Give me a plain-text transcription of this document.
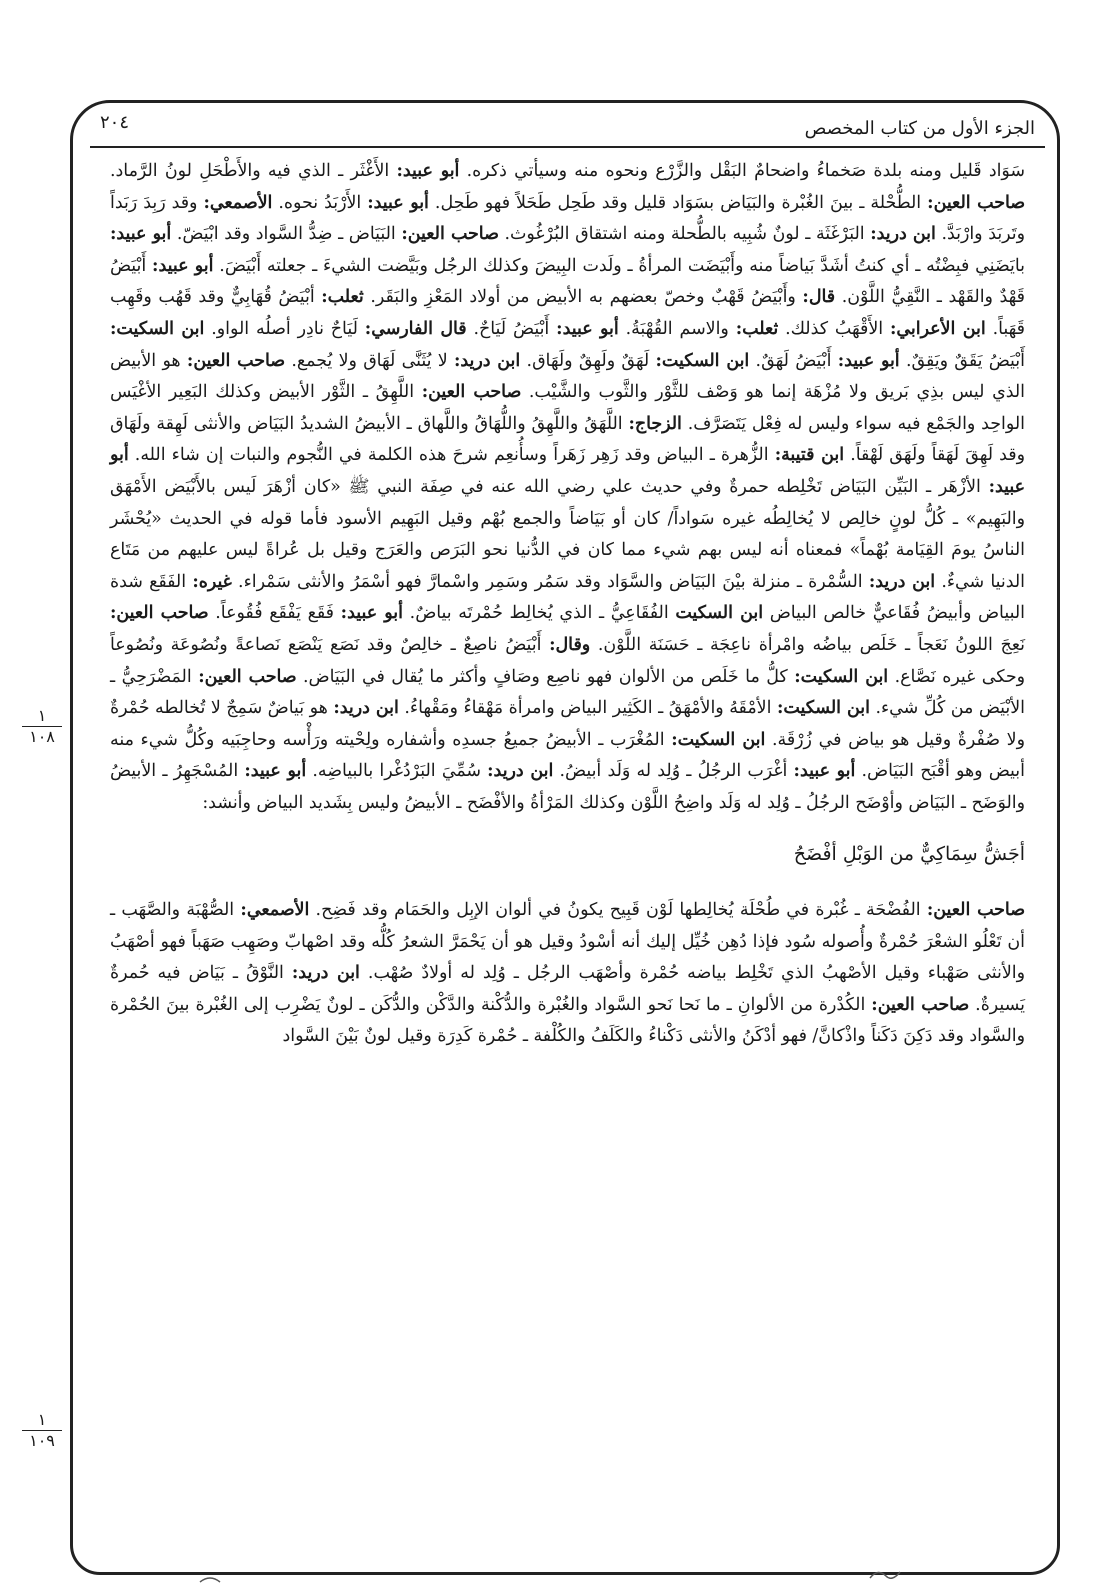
الجزء الأول من كتاب المخصص
٢٠٤

سَوَاد قَليل ومنه بلدة صَخماءُ واضحامٌ البَقْل والزَّرْع ونحوه منه وسيأتي ذكره. أبو عبيد: الأَغْثَر ـ الذي فيه والأَطْحَلِ لونُ الرَّماد. صاحب العين: الطُّحْلة ـ بينَ الغُبْرة والبَيَاض بسَوَاد قليل وقد طَحِل طَحَلاً فهو طَحِل. أبو عبيد: الأَرْبَدُ نحوه. الأصمعي: وقد رَبِدَ رَبَداً وتَربَدَ وارْبَدَّ. ابن دريد: البَرْغَثَة ـ لونٌ شُبِيه بالطُّحلة ومنه اشتقاق البُرْغُوث. صاحب العين: البَيَاض ـ ضِدُّ السَّواد وقد ابْيَضّ. أبو عبيد: بايَضَنِي فبِضْتُه ـ أي كنتُ أشَدَّ بَياضاً منه وأَبْيَضَت المرأةُ ـ ولَدت البِيضَ وكذلك الرجُل وبَيَّضت الشيءَ ـ جعلته أَبْيَضَ. أبو عبيد: أَبْيَضُ قَهْدٌ والقَهْد ـ النَّقِيُّ اللَّوْن. قال: وأَبْيَضُ قَهْبٌ وخصّ بعضهم به الأبيض من أولاد المَعْزِ والبَقَر. ثعلب: أبْيَضُ قُهَابِيٌّ وقد قَهُب وقَهِب قَهَباً. ابن الأعرابي: الأَقْهَبُ كذلك. ثعلب: والاسم القُهْبَةُ. أبو عبيد: أَبْيَضُ لَيَاحٌ. قال الفارسي: لَيَاحٌ نادِر أصلُه الواو. ابن السكيت: أَبْيَضُ يَقَقٌ ويَقِقٌ. أبو عبيد: أَبْيَضُ لَهَقٌ. ابن السكيت: لَهَقٌ ولَهِقٌ ولَهَاق. ابن دريد: لا يُثَنَّى لَهَاق ولا يُجمع. صاحب العين: هو الأبيض الذي ليس بذِي بَريق ولا مُزْهَة إنما هو وَصْف للثَّوْر والثَّوب والشَّيْب. صاحب العين: اللَّهِقُ ـ الثَّوْر الأبيض وكذلك البَعِير الأغْيَس الواحِد والجَمْع فيه سواء وليس له فِعْل يَتَصَرَّف. الزجاج: اللَّهَقُ واللَّهِقُ واللُّهَاقُ واللَّهاق ـ الأبيضُ الشديدُ البَيَاض والأنثى لَهِقة ولَهَاق وقد لَهِقَ لَهَقاً ولَهَق لَهْقاً. ابن قتيبة: الزُّهرة ـ البياض وقد زَهِر زَهَراً وسأُنعِم شرحَ هذه الكلمة في النُّجوم والنبات إن شاء الله. أبو عبيد: الأزْهَر ـ البَيِّن البَيَاض تَخْلِطه حمرةٌ وفي حديث علي رضي الله عنه في صِفَة النبي ﷺ «كان أزْهَرَ لَيس بالأَبْيَض الأَمْهَق والبَهِيم» ـ كُلُّ لونٍ خالِص لا يُخالِطُه غيره سَواداً/ كان أو بَيَاضاً والجمع بُهْم وقيل البَهِيم الأسود فأما قوله في الحديث «يُحْشَر الناسُ يومَ القِيَامة بُهْماً» فمعناه أنه ليس بهم شيء مما كان في الدُّنيا نحو البَرَص والعَرَج وقيل بل عُراةً ليس عليهم من مَتَاع الدنيا شيءٌ. ابن دريد: السُّمْرة ـ منزلة بيْنَ البَيَاض والسَّوَاد وقد سَمُر وسَمِر واسْمارَّ فهو أسْمَرُ والأنثى سَمْراء. غيره: الفَقَع شدة البياض وأبيضُ فُقَاعيٌّ خالص البياض ابن السكيت الفُقَاعِيُّ ـ الذي يُخالِط حُمْرتَه بياضٌ. أبو عبيد: فَقَع يَفْقَع فُقُوعاً. صاحب العين: نَعِجَ اللونُ نَعَجاً ـ خَلَص بياضُه وامْرأة ناعِجَة ـ حَسَنَة اللَّوْن. وقال: أَبْيَضُ ناصِعٌ ـ خالِصٌ وقد نَصَع يَنْصَع نَصاعةً ونُصُوعَة ونُصُوعاً وحكى غيره نَصَّاع. ابن السكيت: كلُّ ما خَلَص من الألوان فهو ناصِع وصَافٍ وأكثر ما يُقال في البَيَاض. صاحب العين: المَضْرَحِيُّ ـ الأبْيَض من كُلِّ شيء. ابن السكيت: الأمْقَهُ والأمْهَقُ ـ الكَثِير البياض وامرأة مَهْقاءُ ومَقْهاءُ. ابن دريد: هو بَياضٌ سَمِجٌ لا تُخالطه حُمْرةٌ ولا صُفْرةٌ وقيل هو بياض في زُرْقَة. ابن السكيت: المُغْرَب ـ الأبيضُ جميعُ جسدِه وأشفاره ولِحْيته ورَأْسه وحاجِبَيه وكُلُّ شيء منه أبيض وهو أقْبَح البَيَاض. أبو عبيد: أغْرَب الرجُلُ ـ وُلِد له وَلَد أبيضُ. ابن دريد: سُمِّيَ البَرْدُغْرا بالبياضِه. أبو عبيد: المُسْجَهِرُ ـ الأبيضُ والوَضَح ـ البَيَاض وأوْضَح الرجُلُ ـ وُلِد له وَلَد واضِحُ اللَّوْن وكذلك المَرْأةُ والأفْضَح ـ الأبيضُ وليس بِشَديد البياض وأنشد:

أجَشُّ سِمَاكِيٌّ من الوَبْلِ أفْضَحُ

صاحب العين: الفُضْحَة ـ غُبْرة في طُحْلَة يُخالِطها لَوْن قَبِيح يكونُ في ألوان الإبِل والحَمَام وقد فَضِح. الأصمعي: الصُّهْبَة والصَّهَب ـ أن تَعْلُو الشعْرَ حُمْرةٌ وأُصوله سُود فإذا دُهِن خُيِّل إليك أنه أسْودُ وقيل هو أن يَحْمَرَّ الشعرُ كُلُّه وقد اصْهابّ وصَهِب صَهَباً فهو أصْهَبُ والأنثى صَهْباء وقيل الأصْهبُ الذي تَخْلِط بياضه حُمْرة وأصْهَب الرجُل ـ وُلِد له أولادٌ صُهْب. ابن دريد: النَّوْقُ ـ بَيَاض فيه حُمرةٌ يَسيرةٌ. صاحب العين: الكُدْرة من الألوانِ ـ ما نَحا نَحو السَّواد والغُبْرة والدُّكْنة والدَّكْن والدُّكَن ـ لونٌ يَضْرِب إلى الغُبْرة بينَ الحُمْرة والسَّواد وقد دَكِنَ دَكَناً واذْكانَّ/ فهو أدْكَنُ والأنثى دَكْناءُ والكَلَفُ والكُلْفة ـ حُمْرة كَدِرَة وقيل لونٌ بَيْنَ السَّواد

١
١٠٨
١
١٠٩
